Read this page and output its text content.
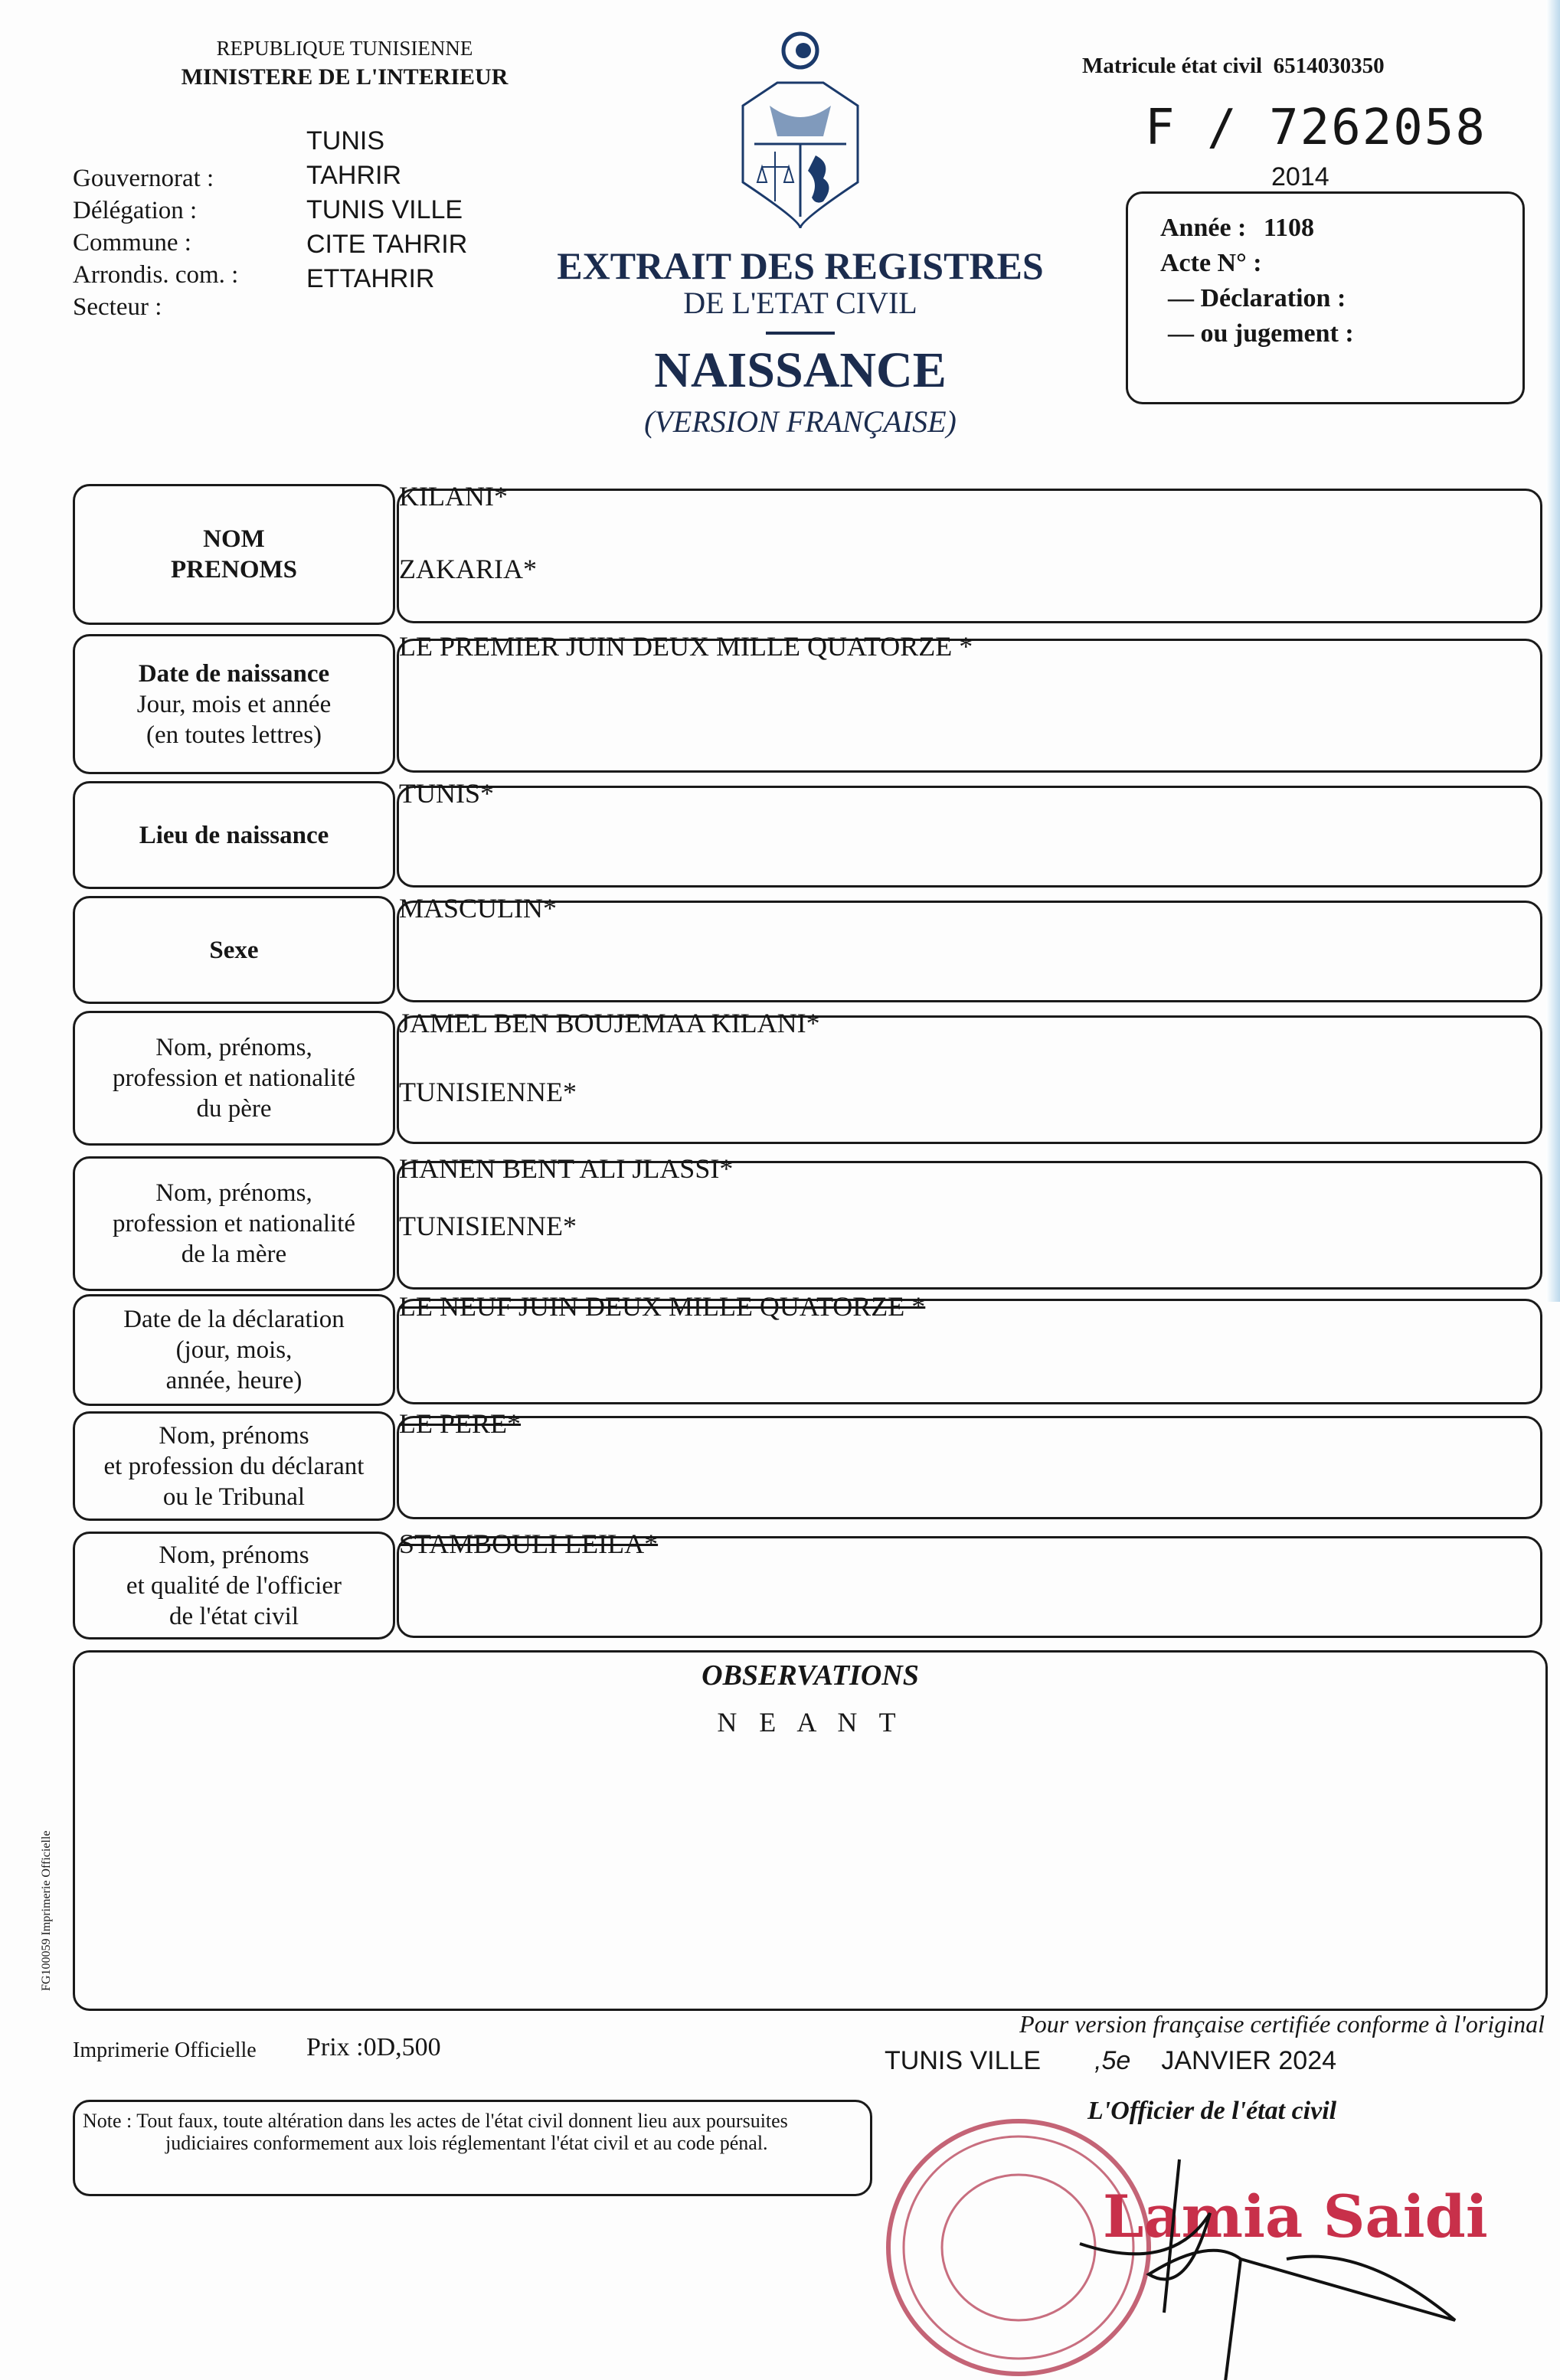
REPUBLIQUE TUNISIENNE
MINISTERE DE L'INTERIEUR	Matricule état civil 6514030350
F / 7262058
Gouvernorat :
Délégation :
Commune :
Arrondis. com. :
Secteur :
TUNIS
TAHRIR
TUNIS VILLE
CITE TAHRIR
ETTAHRIR	EXTRAIT DES REGISTRES
DE L'ETAT CIVIL
NAISSANCE
(VERSION FRANÇAISE)
2014
Année : 1108
Acte N° :
— Déclaration :
— ou jugement :
NOM
PRENOMS
KILANI*
ZAKARIA*
Date de naissance
Jour, mois et année
(en toutes lettres)
LE PREMIER JUIN DEUX MILLE QUATORZE *
Lieu de naissance
TUNIS*
Sexe
MASCULIN*
Nom, prénoms,
profession et nationalité
du père
JAMEL BEN BOUJEMAA KILANI*
TUNISIENNE*
Nom, prénoms,
profession et nationalité
de la mère
HANEN BENT ALI JLASSI*
TUNISIENNE*
Date de la déclaration
(jour, mois,
année, heure)
LE NEUF JUIN DEUX MILLE QUATORZE *
Nom, prénoms
et profession du déclarant
ou le Tribunal
LE PERE*
Nom, prénoms
et qualité de l'officier
de l'état civil
STAMBOULI LEILA*
OBSERVATIONS
N E A N T
FG100059 Imprimerie Officielle
Imprimerie Officielle Prix :0D,500
Pour version française certifiée conforme à l'original
TUNIS VILLE ,5e JANVIER 2024
Note : Tout faux, toute altération dans les actes de l'état civil donnent lieu aux poursuites judiciaires conformement aux lois réglementant l'état civil et au code pénal.
L'Officier de l'état civil
Lamia Saidi
